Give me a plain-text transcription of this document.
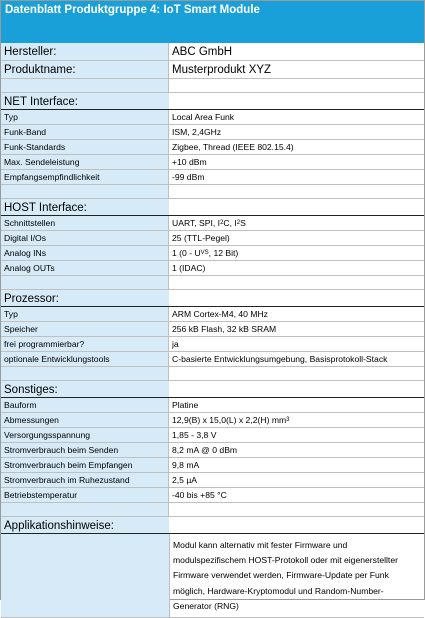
Datenblatt Produktgruppe 4: IoT Smart Module
Hersteller:	ABC GmbH
Produktname:	Musterprodukt XYZ
NET Interface:
Typ	Local Area Funk
Funk-Band	ISM, 2,4GHz
Funk-Standards	Zigbee, Thread (IEEE 802.15.4)
Max. Sendeleistung	+10 dBm
Empfangsempfindlichkeit	-99 dBm
HOST Interface:
Schnittstellen	UART, SPI, I 2 C, I 2 S
Digital I/Os	25 (TTL-Pegel)
Analog INs	1 (0 - U VS , 12 Bit)
Analog OUTs	1 (IDAC)
Prozessor:
Typ	ARM Cortex-M4, 40 MHz
Speicher	256 kB Flash, 32 kB SRAM
frei programmierbar?	ja
optionale Entwicklungstools	C-basierte Entwicklungsumgebung, Basisprotokoll-Stack
Sonstiges:
Bauform	Platine
Abmessungen	12,9(B) x 15,0(L) x 2,2(H) mm 3
Versorgungsspannung	1,85 - 3,8 V
Stromverbrauch beim Senden	8,2 mA @ 0 dBm
Stromverbrauch beim Empfangen	9,8 mA
Stromverbrauch im Ruhezustand	2,5 µA
Betriebstemperatur	-40 bis +85 °C
Applikationshinweise:
Modul kann alternativ mit fester Firmware und modulspezifischem HOST-Protokoll oder mit eigenerstellter Firmware verwendet werden, Firmware-Update per Funk möglich, Hardware-Kryptomodul und Random-Number-Generator (RNG)
